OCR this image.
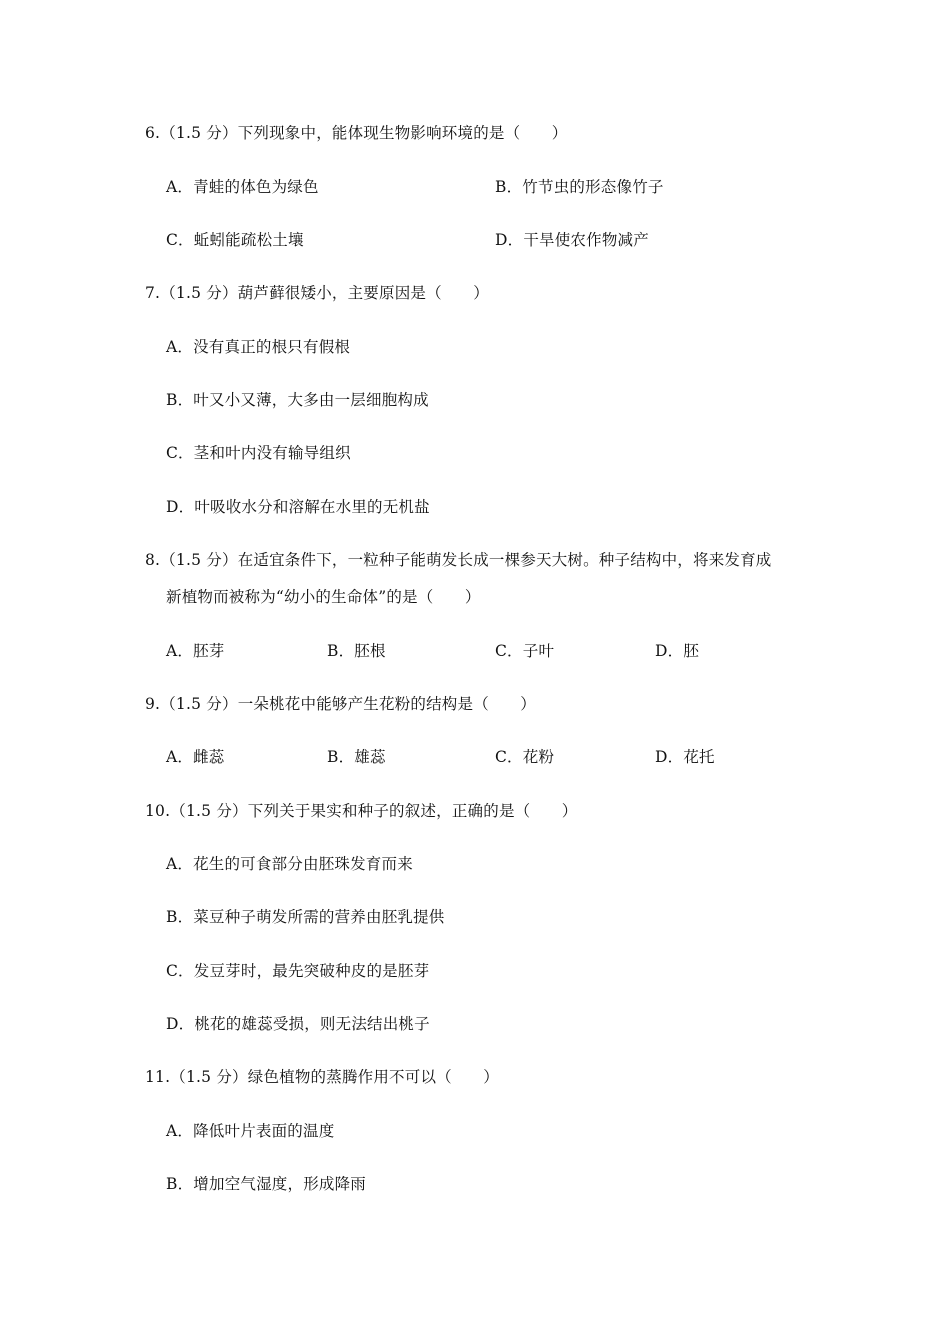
6.（1.5 分）下列现象中，能体现生物影响环境的是（　　）
A．青蛙的体色为绿色	B．竹节虫的形态像竹子
C．蚯蚓能疏松土壤	D．干旱使农作物减产
7.（1.5 分）葫芦藓很矮小，主要原因是（　　）
A．没有真正的根只有假根
B．叶又小又薄，大多由一层细胞构成
C．茎和叶内没有输导组织
D．叶吸收水分和溶解在水里的无机盐
8.（1.5 分）在适宜条件下，一粒种子能萌发长成一棵参天大树。种子结构中，将来发育成
新植物而被称为“幼小的生命体”的是（　　）
A．胚芽	B．胚根	C．子叶	D．胚
9.（1.5 分）一朵桃花中能够产生花粉的结构是（　　）
A．雌蕊	B．雄蕊	C．花粉	D．花托
10.（1.5 分）下列关于果实和种子的叙述，正确的是（　　）
A．花生的可食部分由胚珠发育而来
B．菜豆种子萌发所需的营养由胚乳提供
C．发豆芽时，最先突破种皮的是胚芽
D．桃花的雄蕊受损，则无法结出桃子
11.（1.5 分）绿色植物的蒸腾作用不可以（　　）
A．降低叶片表面的温度
B．增加空气湿度，形成降雨
